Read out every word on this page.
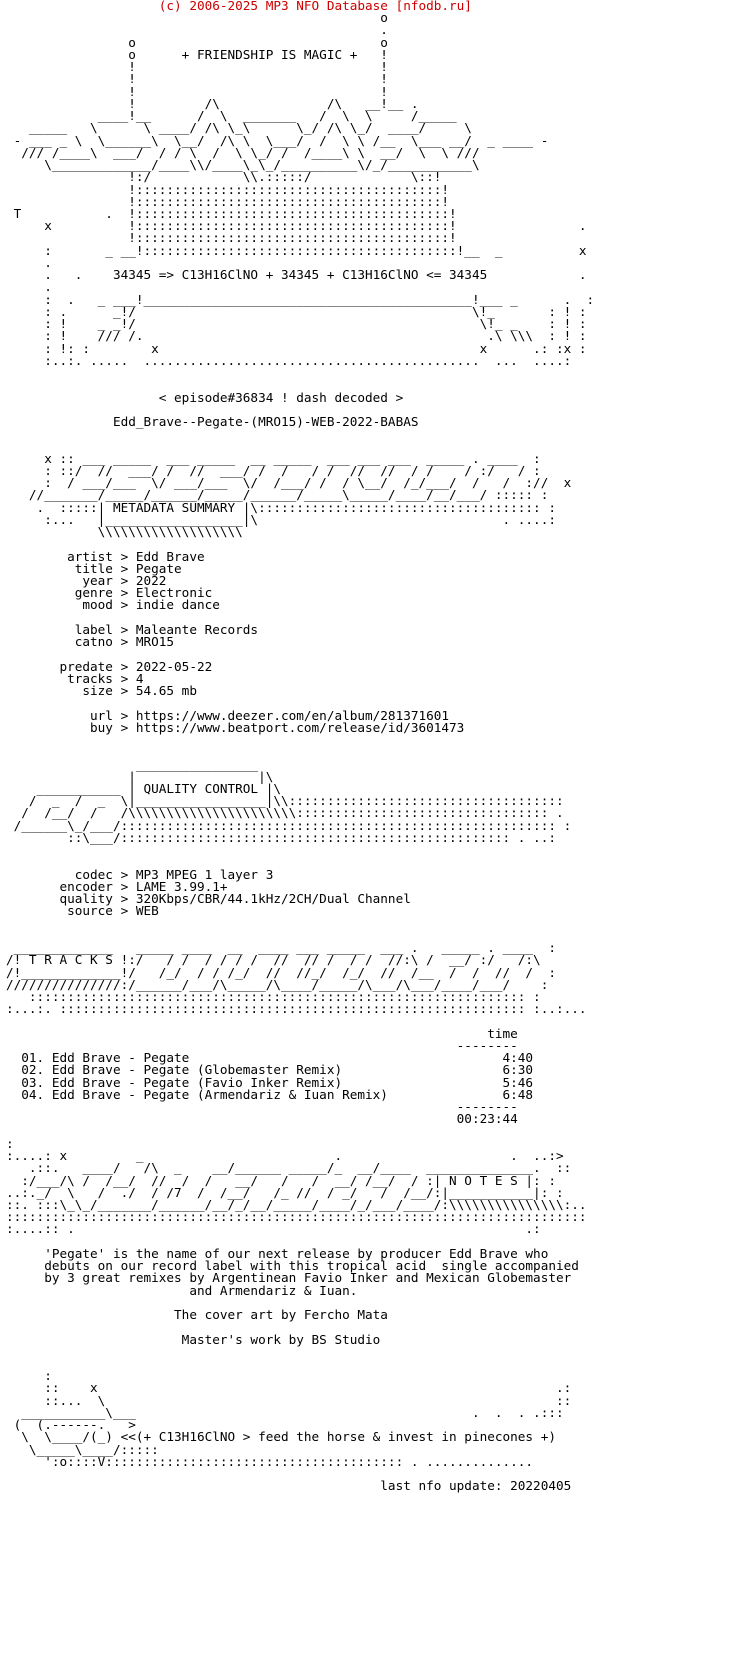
(c) 2006-2025 MP3 NFO Database [nfodb.ru]
o
.
o                                o
o      + FRIENDSHIP IS MAGIC +   !
!                                !
!                                !
!                                !
!         /\              /\   __!__ .
____!__      /  \  _______   /  \  \     /_____
_____   \      \ ____/ /\ \_\      \_/ /\ \_/  ____/     \
- ___ _ \  \______\  \__/  /\ \  \___/  /  \ \ /__  \___ __/  _ ____ -
/// /____\  ___/  / / \  /  \ \_/ /  /____\ \  __/  \  \ ///
\_____________/____\\/____\_\_/__________\/_/___________\
!:/            \\.:::::/             \::!
!::::::::::::::::::::::::::::::::::::::::!
!::::::::::::::::::::::::::::::::::::::::!
T           .  !:::::::::::::::::::::::::::::::::::::::::!
x          !:::::::::::::::::::::::::::::::::::::::::!                .
!:::::::::::::::::::::::::::::::::::::::::!
:       _ __!:::::::::::::::::::::::::::::::::::::::::!__  _          x
.
.   .    34345 => C13H16ClNO + 34345 + C13H16ClNO <= 34345            .
.
:  .   _ ___!___________________________________________!___ _      .  :
: .      _!/                                            \!_       : ! :
: !    _ _!/                                             \!_ _    : ! :
: !    /// /.                                             .\ \\\  : ! :
: !: :        x                                          x      .: :x :
:..:. .....  ............................................  ...  ....:

< episode#36834 ! dash decoded >

Edd_Brave--Pegate-(MRO15)-WEB-2022-BABAS

x :: ___ _____  ___ _____  __ _____  ___ ___ ___  _____ . ____  :
: ::/  //  ___/ /  //  ___/ /  /   / /  //  //  / /    / :/   / :
:  / ___/___  \/ ___/___  \/  /___/ /  / \__/  /_/___/  /   /  ://  x
//_______/_____/______/_____/______/_____\_____/____/__/___/ ::::: :
.  :::::| METADATA SUMMARY |\::::::::::::::::::::::::::::::::::::: :
:...   |__________________|\                                . ....:
\\\\\\\\\\\\\\\\\\\

artist > Edd Brave
title > Pegate
year > 2022
genre > Electronic
mood > indie dance

label > Maleante Records
catno > MRO15

predate > 2022-05-22
tracks > 4
size > 54.65 mb

url > https://www.deezer.com/en/album/281371601
buy > https://www.beatport.com/release/id/3601473

________________
|                |\
___________ | QUALITY CONTROL |\
/  _  /  _  \|_________________|\\::::::::::::::::::::::::::::::::::::
/  /__/  /   /\\\\\\\\\\\\\\\\\\\\\\::::::::::::::::::::::::::::::::: .
/______\_/___/::::::::::::::::::::::::::::::::::::::::::::::::::::::::: :
::\___/::::::::::::::::::::::::::::::::::::::::::::::::::: . ..:

codec > MP3 MPEG 1 layer 3
encoder > LAME 3.99.1+
quality > 320Kbps/CBR/44.1kHz/2CH/Dual Channel
source > WEB

_____________   _____ ____  __  ____ ___ _____  ___ .   _____ . ____  :
/! T R A C K S !:/   / /  / / / /  //  // /  / /  //:\ /  __/ :/   /:\
/!_____________!/   /_/  / / /_/  //  //_/  /_/  //  /__  /  /  //  /  :
///////////////:/______/___/\_____/\____/_____/\___/\___/____/___/    :
::::::::::::::::::::::::::::::::::::::::::::::::::::::::::::::::: :
:...:. ::::::::::::::::::::::::::::::::::::::::::::::::::::::::::::: :..:...

time
--------
01. Edd Brave - Pegate                                         4:40
02. Edd Brave - Pegate (Globemaster Remix)                     6:30
03. Edd Brave - Pegate (Favio Inker Remix)                     5:46
04. Edd Brave - Pegate (Armendariz & Iuan Remix)               6:48
--------
00:23:44

:
:....: x         _                         .                      .  ..:>
.::.   ____/   /\  _    __/______ _____/_  __/____  ______________.  ::
:/___/\ /  /__/  //  /  /   __/   /   /  __/ /__/  / :| N O T E S |: :
..:._/  \   /  ./  / /7  /  /__/   /_ //  / _/   /  /__/:|___________|: :
::. :::\_\_/_______/______/__/_/__/_____/____/_/___/____/:\\\\\\\\\\\\\\\:..
::::::::::::::::::::::::::::::::::::::::::::::::::::::::::::::::::::::::::::
:....:: .                                                           .:

'Pegate' is the name of our next release by producer Edd Brave who
debuts on our record label with this tropical acid  single accompanied
by 3 great remixes by Argentinean Favio Inker and Mexican Globemaster
and Armendariz & Iuan.

The cover art by Fercho Mata

Master's work by BS Studio

:
::    x                                                            .:
::...  \                                                           ::
___________\___                                            .  .  . .:::
(  (.------.   >
\  \____/(_) <<(+ C13H16ClNO > feed the horse & invest in pinecones +)
\_____\____/:::::
':o::::V::::::::::::::::::::::::::::::::::::::: . ..............

last nfo update: 20220405
